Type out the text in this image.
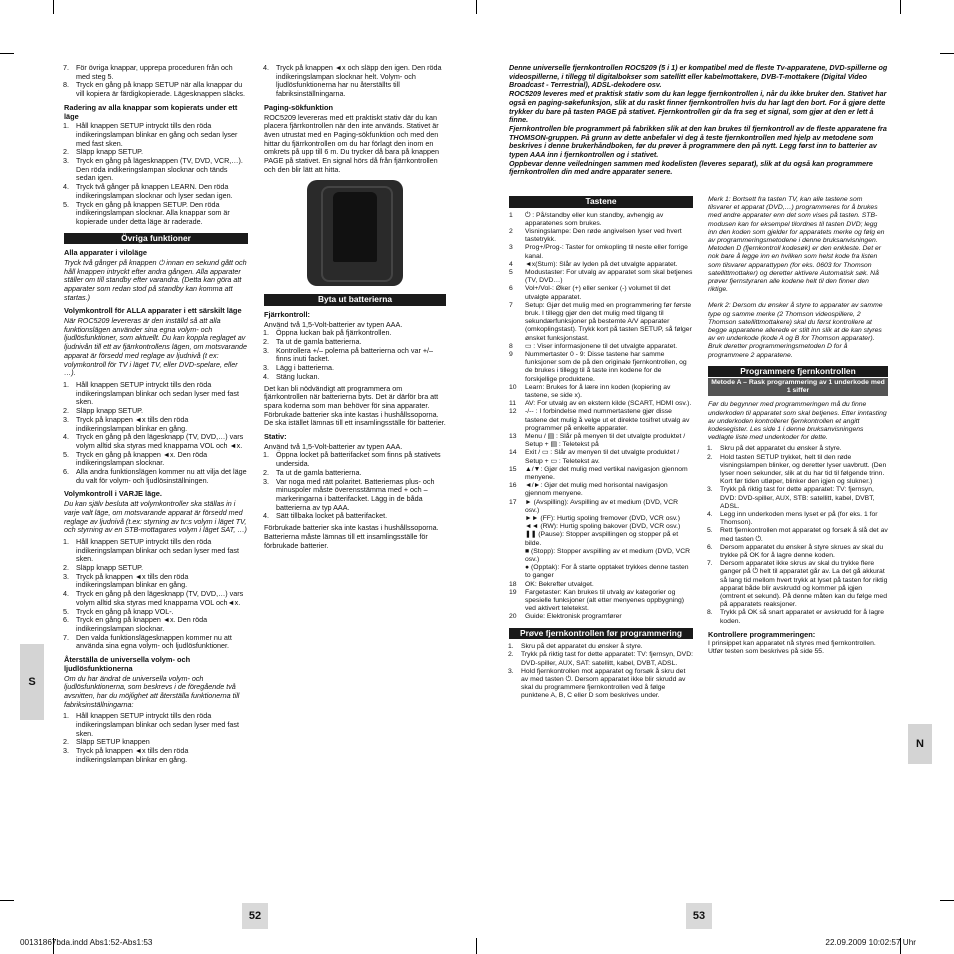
7. För övriga knappar, upprepa proceduren från och med steg 5.
8. Tryck en gång på knapp SETUP när alla knappar du vill kopiera är färdigkopierade. Lägesknappen släcks.
Radering av alla knappar som kopierats under ett läge
1. Håll knappen SETUP intryckt tills den röda indikeringslampan blinkar en gång och sedan lyser med fast sken.
2. Släpp knapp SETUP.
3. Tryck en gång på lägesknappen (TV, DVD, VCR,…). Den röda indikeringslampan slocknar och tänds sedan igen.
4. Tryck två gånger på knappen LEARN. Den röda indikeringslampan slocknar och lyser sedan igen.
5. Tryck en gång på knappen SETUP. Den röda indikeringslampan slocknar. Alla knappar som är kopierade under detta läge är raderade.
Övriga funktioner
Alla apparater i viloläge

Tryck två gånger på knappen ⏻ innan en sekund gått och håll knappen intryckt efter andra gången. Alla apparater ställer om till standby efter varandra. (Detta kan göra att apparater som redan stod på standby kan komma att startas.)

Volymkontroll för ALLA apparater i ett särskilt läge

När ROC5209 levereras är den inställd så att alla funktionslägen använder sina egna volym- och ljudlösfunktioner, som aktuellt. Du kan koppla reglaget av ljudnivån till ett av fjärrkontrollens lägen, om motsvarande apparat är försedd med reglage av ljudnivå (t ex: volymkontroll för TV i läget TV, eller DVD-spelare, eller …).

1. Håll knappen SETUP intryckt tills den röda indikeringslampan blinkar och sedan lyser med fast sken.
2. Släpp knapp SETUP.
3. Tryck på knappen ◄x tills den röda indikeringslampan blinkar en gång.
4. Tryck en gång på den lägesknapp (TV, DVD,…) vars volym alltid ska styras med knapparna VOL och ◄x.
5. Tryck en gång på knappen ◄x. Den röda indikeringslampan slocknar.
6. Alla andra funktionslägen kommer nu att vilja det läge du valt för volym- och ljudlösinställningen.
Volymkontroll i VARJE läge.

Du kan själv besluta att volymkontroller ska ställas in i varje valt läge, om motsvarande apparat är försedd med reglage av ljudnivå (t.ex: styrning av tv:s volym i läget TV, och styrning av en STB-mottagares volym i läget SAT, …)

1. Håll knappen SETUP intryckt tills den röda indikeringslampan blinkar och sedan lyser med fast sken.
2. Släpp knapp SETUP.
3. Tryck på knappen ◄x tills den röda indikeringslampan blinkar en gång.
4. Tryck en gång på den lägesknapp (TV, DVD,…) vars volym alltid ska styras med knapparna VOL och◄x.
5. Tryck en gång på knapp VOL-.
6. Tryck en gång på knappen ◄x. Den röda indikeringslampan slocknar.
7. Den valda funktionslägesknappen kommer nu att använda sina egna volym- och ljudlösfunktioner.
Återställa de universella volym- och ljudlösfunktionerna

Om du har ändrat de universella volym- och ljudlösfunktionerna, som beskrevs i de föregående två avsnitten, har du möjlighet att återställa funktionerna till fabriksinställningarna:

1. Håll knappen SETUP intryckt tills den röda indikeringslampan blinkar och sedan lyser med fast sken.
2. Släpp SETUP knappen
3. Tryck på knappen ◄x tills den röda indikeringslampan blinkar en gång.
4. Tryck på knappen ◄x och släpp den igen. Den röda indikeringslampan slocknar helt. Volym- och ljudlösfunktionerna har nu återställts till fabriksinställningarna.
Paging-sökfunktion

ROC5209 levereras med ett praktiskt stativ där du kan placera fjärrkontrollen när den inte används. Stativet är även utrustat med en Paging-sökfunktion och med den hittar du fjärrkontrollen om du har förlagt den inom en omkrets på upp till 6 m. Du trycker då bara på knappen PAGE på stativet. En signal hörs då från fjärrkontrollen och den blir lätt att hitta.

Byta ut batterierna
Fjärrkontroll:

Använd två 1,5-Volt-batterier av typen AAA.

1. Öppna luckan bak på fjärrkontrollen.
2. Ta ut de gamla batterierna.
3. Kontrollera +/– polerna på batterierna och var +/– finns inuti facket.
3. Lägg i batterierna.
4. Stäng luckan.

Det kan bli nödvändigt att programmera om fjärrkontrollen när batterierna byts. Det är därför bra att spara koderna som man behöver för sina apparater.

Förbrukade batterier ska inte kastas i hushållssoporna. De ska istället lämnas till ett insamlingsställe för batterier.

Stativ:

Använd två 1,5-Volt-batterier av typen AAA.

1. Öppna locket på batterifacket som finns på stativets undersida.
2. Ta ut de gamla batterierna.
3. Var noga med rätt polaritet. Batteriernas plus- och minuspoler måste överensstämma med + och – markeringarna i batterifacket. Lägg in de båda batterierna av typ AAA.
4. Sätt tillbaka locket på batterifacket.

Förbrukade batterier ska inte kastas i hushållssoporna. Batterierna måste lämnas till ett insamlingsställe för förbrukade batterier.

Denne universelle fjernkontrollen ROC5209 (5 i 1) er kompatibel med de fleste Tv-apparatene, DVD-spillerne og videospillerne, i tillegg til digitalbokser som satellitt eller kabelmottakere, DVB-T-mottakere (Digital Video Broadcast - Terrestrial), ADSL-dekodere osv.

ROC5209 leveres med et praktisk stativ som du kan legge fjernkontrollen i, når du ikke bruker den. Stativet har også en paging-søkefunksjon, slik at du raskt finner fjernkontrollen hvis du har lagt den bort. For å gjøre dette trykker du bare på tasten PAGE på stativet. Fjernkontrollen gir da fra seg et signal, som gjør at den er lett å finne.

Fjernkontrollen ble programmert på fabrikken slik at den kan brukes til fjernkontroll av de fleste apparatene fra THOMSON-gruppen. På grunn av dette anbefaler vi deg å teste fjernkontrollen med hjelp av metodene som beskrives i denne brukerhåndboken, før du prøver å programmere den på nytt. Legg først inn to batterier av typen AAA inn i fjernkontrollen og i stativet.

Oppbevar denne veiledningen sammen med kodelisten (leveres separat), slik at du også kan programmere fjernkontrollen din med andre apparater senere.

Tastene
1 ⏻ : På/standby eller kun standby, avhengig av apparatenes som brukes.
2 Visningslampe: Den røde angivelsen lyser ved hvert tastetrykk.
3 Prog+/Prog-: Taster for omkopling til neste eller forrige kanal.
4 ◄x(Stum): Slår av lyden på det utvalgte apparatet.
5 Modustaster: For utvalg av apparatet som skal betjenes (TV, DVD…)
6 Vol+/Vol-: Øker (+) eller senker (-) volumet til det utvalgte apparatet.
7 Setup: Gjør det mulig med en programmering før første bruk. I tillegg gjør den det mulig med tilgang til sekundærfunksjoner på bestemte A/V apparater (omkoplingstast). Trykk kort på tasten SETUP, så følger ønsket funksjonstast.
8 ▭ : Viser informasjonene til det utvalgte apparatet.
9 Nummertaster 0 - 9: Disse tastene har samme funksjoner som de på den originale fjernkontrollen, og de brukes i tillegg til å taste inn kodene for de forskjellige produktene.
10 Learn: Brukes for å lære inn koden (kopiering av tastene, se side x).
11 AV: For utvalg av en ekstern kilde (SCART, HDMI osv.).
12 -/-- : I forbindelse med nummertastene gjør disse tastene det mulig å velge ut et direkte tosifret utvalg av programmer på enkelte apparater.
13 Menu / ▤ : Slår på menyen til det utvalgte produktet / Setup + ▤ : Teletekst på
14 Exit / ▭ : Slår av menyen til det utvalgte produktet / Setup + ▭ : Teletekst av.
15 ▲/▼: Gjør det mulig med vertikal navigasjon gjennom menyene.
16 ◄/►: Gjør det mulig med horisontal navigasjon gjennom menyene.
17 ► (Avspilling): Avspilling av et medium (DVD, VCR osv.)
►► (FF): Hurtig spoling fremover (DVD, VCR osv.)
◄◄ (RW): Hurtig spoling bakover (DVD, VCR osv.)
❚❚ (Pause): Stopper avspillingen og stopper på et bilde.
■ (Stopp): Stopper avspilling av et medium (DVD, VCR osv.)
● (Opptak): For å starte opptaket trykkes denne tasten to ganger
18 OK: Bekrefter utvalget.
19 Fargetaster: Kan brukes til utvalg av kategorier og spesielle funksjoner (alt etter menyenes oppbygning) ved aktivert teletekst.
20 Guide: Elektronisk programfører
Prøve fjernkontrollen før programmering
1. Skru på det apparatet du ønsker å styre.
2. Trykk på riktig tast for dette apparatet: TV: fjernsyn, DVD: DVD-spiller, AUX, SAT: satellitt, kabel, DVBT, ADSL.
3. Hold fjernkontrollen mot apparatet og forsøk å skru det av med tasten ⏻. Dersom apparatet ikke blir skrudd av skal du programmere fjernkontrollen ved å følge punktene A, B, C eller D som beskrives under.

Merk 1: Bortsett fra tasten TV, kan alle tastene som tilsvarer et apparat (DVD,…) programmeres for å brukes med andre apparater enn det som vises på tasten. STB-modusen kan for eksempel tilordnes til tasten DVD; legg inn den koden som gjelder for apparatets merke og følg en av programmeringsmetodene i denne bruksanvisningen. Metoden D (fjernkontroll kodesøk) er den enkleste. Det er nok bare å legge inn en hvilken som helst kode fra listen som tilsvarer apparattypen (for eks. 0603 for Thomson satellittmottaker) og deretter aktivere Automatisk søk. Nå prøver fjernstyraren alle kodene helt til den finner den riktige.

Merk 2: Dersom du ønsker å styre to apparater av samme type og samme merke (2 Thomson videospillere, 2 Thomson satellittmottakere) skal du først kontrollere at begge apparatene allerede er stilt inn slik at de kan styres av en underkode (kode A og B for Thomson apparater). Bruk deretter programmeringsmetoden D for å programmere 2 apparatene.

Programmere fjernkontrollen
Metode A – Rask programmering av 1 underkode med 1 siffer

Før du begynner med programmeringen må du finne underkoden til apparatet som skal betjenes. Etter inntasting av underkoden kontrollerer fjernkontrollen et angitt kodesegister. Les side 1 i denne bruksanvisningens vedlagte liste med underkoder for dette.

1. Skru på det apparatet du ønsker å styre.
2. Hold tasten SETUP trykket, helt til den røde visningslampen blinker, og deretter lyser uavbrutt. (Den lyser noen sekunder, slik at du har tid til følgende trinn. Kort før tiden utløper, blinker den igjen og slukner.)
3. Trykk på riktig tast for dette apparatet: TV: fjernsyn, DVD: DVD-spiller, AUX, STB: satellitt, kabel, DVBT, ADSL.
4. Legg inn underkoden mens lyset er på (for eks. 1 for Thomson).
5. Rett fjernkontrollen mot apparatet og forsøk å slå det av med tasten ⏻.
6. Dersom apparatet du ønsker å styre skrues av skal du trykke på OK for å lagre denne koden.
7. Dersom apparatet ikke skrus av skal du trykke flere ganger på ⏻ helt til apparatet går av. La det gå akkurat så lang tid mellom hvert trykk at lyset på tasten for riktig apparat både blir avskrudd og kommer på igjen (omtrent et sekund). På denne måten kan du følge med på apparatets reaksjoner.
8. Trykk på OK så snart apparatet er avskrudd for å lagre koden.
Kontrollere programmeringen:

I prinsippet kan apparatet nå styres med fjernkontrollen.

Utfør testen som beskrives på side 55.

S
N
52	53
00131867bda.indd Abs1:52-Abs1:53	22.09.2009 10:02:57 Uhr
